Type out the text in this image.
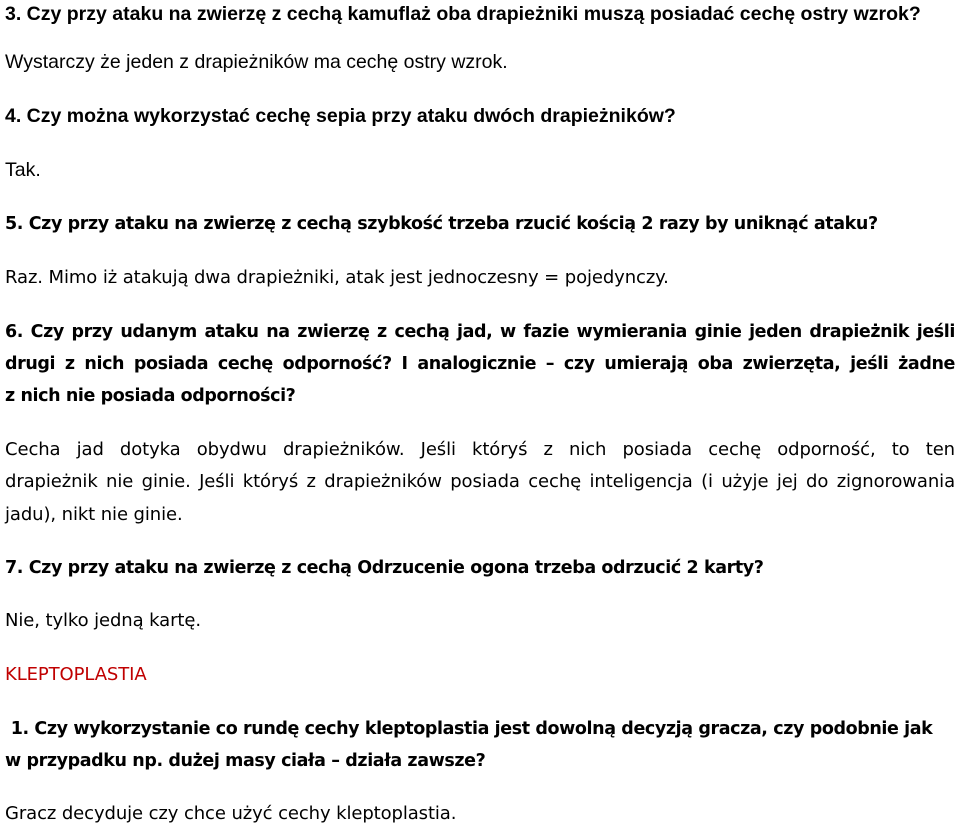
3. Czy przy ataku na zwierzę z cechą kamuflaż oba drapieżniki muszą posiadać cechę ostry wzrok?
Wystarczy że jeden z drapieżników ma cechę ostry wzrok.
4. Czy można wykorzystać cechę sepia przy ataku dwóch drapieżników?
Tak.
5. Czy przy ataku na zwierzę z cechą szybkość trzeba rzucić kością 2 razy by uniknąć ataku?
Raz. Mimo iż atakują dwa drapieżniki, atak jest jednoczesny = pojedynczy.
6. Czy przy udanym ataku na zwierzę z cechą jad, w fazie wymierania ginie jeden drapieżnik jeśli
drugi z nich posiada cechę odporność? I analogicznie – czy umierają oba zwierzęta, jeśli żadne
z nich nie posiada odporności?
Cecha jad dotyka obydwu drapieżników. Jeśli któryś z nich posiada cechę odporność, to ten
drapieżnik nie ginie. Jeśli któryś z drapieżników posiada cechę inteligencja (i użyje jej do zignorowania
jadu), nikt nie ginie.
7. Czy przy ataku na zwierzę z cechą Odrzucenie ogona trzeba odrzucić 2 karty?
Nie, tylko jedną kartę.
KLEPTOPLASTIA
1. Czy wykorzystanie co rundę cechy kleptoplastia jest dowolną decyzją gracza, czy podobnie jak
w przypadku np. dużej masy ciała – działa zawsze?
Gracz decyduje czy chce użyć cechy kleptoplastia.
